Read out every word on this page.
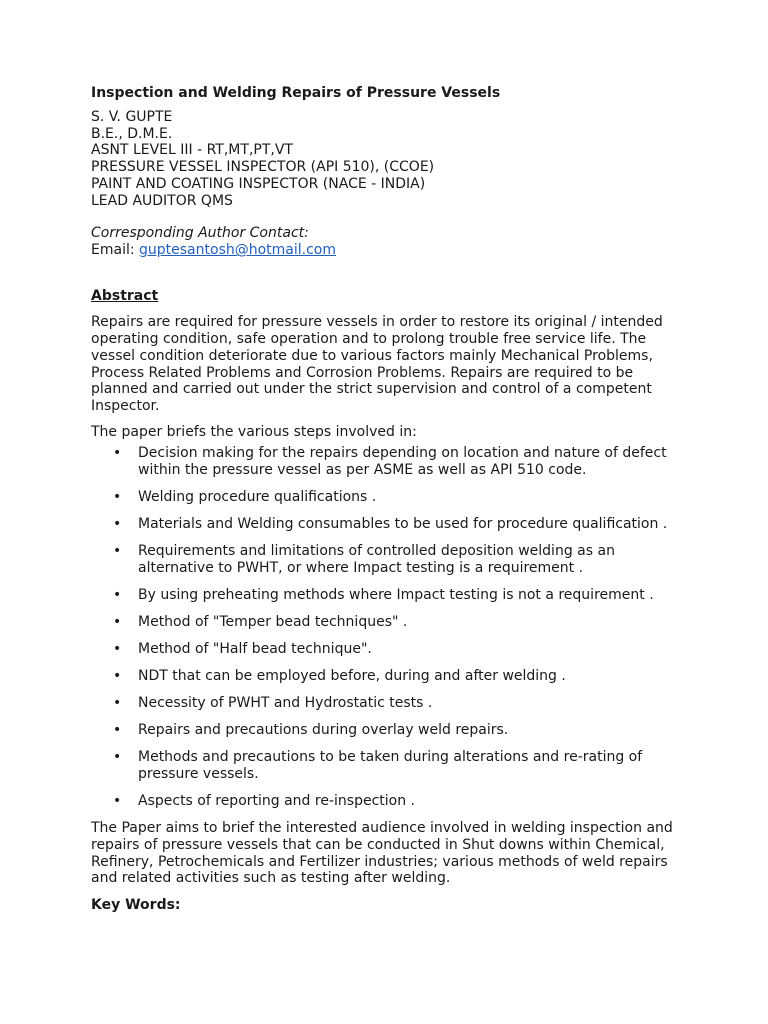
Inspection and Welding Repairs of Pressure Vessels
S. V. GUPTE
B.E., D.M.E.
ASNT LEVEL III - RT,MT,PT,VT
PRESSURE VESSEL INSPECTOR (API 510), (CCOE)
PAINT AND COATING INSPECTOR (NACE - INDIA)
LEAD AUDITOR QMS
Corresponding Author Contact:
Email: guptesantosh@hotmail.com
Abstract
Repairs are required for pressure vessels in order to restore its original / intended operating condition, safe operation and to prolong trouble free service life. The vessel condition deteriorate due to various factors mainly Mechanical Problems, Process Related Problems and Corrosion Problems. Repairs are required to be planned and carried out under the strict supervision and control of a competent Inspector.
The paper briefs the various steps involved in:
• Decision making for the repairs depending on location and nature of defect within the pressure vessel as per ASME as well as API 510 code.
• Welding procedure qualifications .
• Materials and Welding consumables to be used for procedure qualification .
• Requirements and limitations of controlled deposition welding as an alternative to PWHT, or where Impact testing is a requirement .
• By using preheating methods where Impact testing is not a requirement .
• Method of "Temper bead techniques" .
• Method of "Half bead technique".
• NDT that can be employed before, during and after welding .
• Necessity of PWHT and Hydrostatic tests .
• Repairs and precautions during overlay weld repairs.
• Methods and precautions to be taken during alterations and re-rating of pressure vessels.
• Aspects of reporting and re-inspection .
The Paper aims to brief the interested audience involved in welding inspection and repairs of pressure vessels that can be conducted in Shut downs within Chemical, Refinery, Petrochemicals and Fertilizer industries; various methods of weld repairs and related activities such as testing after welding.
Key Words:
